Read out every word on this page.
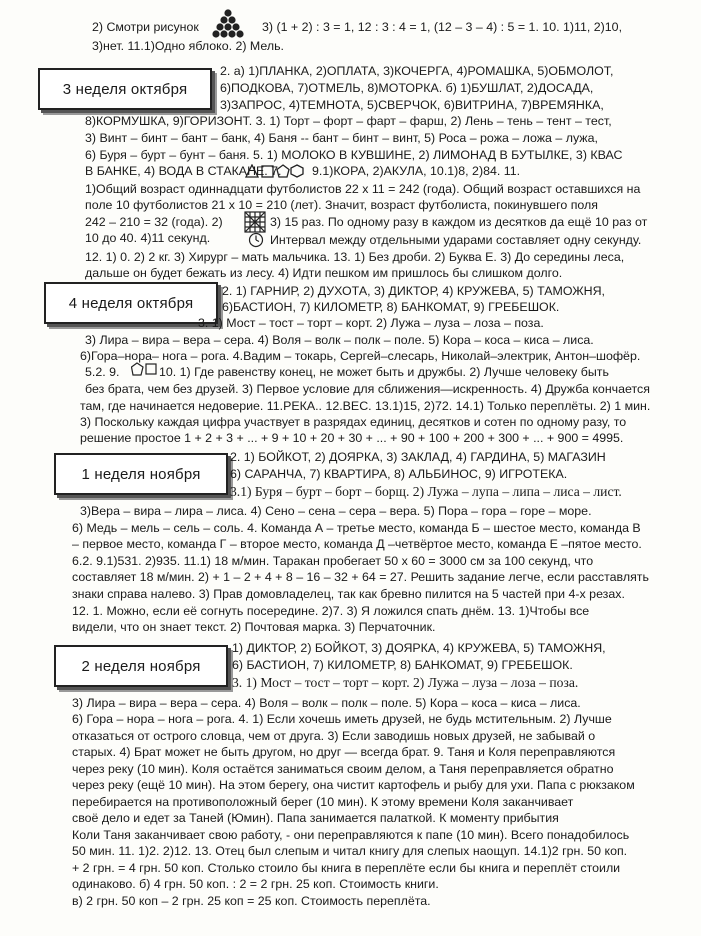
3 неделя октября
4 неделя октября
1 неделя ноября
2 неделя ноября
2) Смотри рисунок	3) (1 + 2) : 3 = 1, 12 : 3 : 4 = 1, (12 – 3 – 4) : 5 = 1. 10. 1)11, 2)10,
3)нет. 11.1)Одно яблоко. 2) Мель.
2. а) 1)ПЛАНКА, 2)ОПЛАТА, 3)КОЧЕРГА, 4)РОМАШКА, 5)ОБМОЛОТ,
6)ПОДКОВА, 7)ОТМЕЛЬ, 8)МОТОРКА. б) 1)БУШЛАТ, 2)ДОСАДА,
3)ЗАПРОС, 4)ТЕМНОТА, 5)СВЕРЧОК, 6)ВИТРИНА, 7)ВРЕМЯНКА,
8)КОРМУШКА, 9)ГОРИЗОНТ. 3. 1) Торт – форт – фарт – фарш, 2) Лень – тень – тент – тест,
3) Винт – бинт – бант – банк, 4) Баня -- бант – бинт – винт, 5) Роса – рожа – ложа – лужа,
6) Буря – бурт – бунт – баня. 5. 1) МОЛОКО В КУВШИНЕ, 2) ЛИМОНАД В БУТЫЛКЕ, 3) КВАС
В БАНКЕ, 4) ВОДА В СТАКАНЕ. 7. 9.1)КОРА, 2)АКУЛА, 10.1)8, 2)84. 11.
1)Общий возраст одиннадцати футболистов 22 х 11 = 242 (года). Общий возраст оставшихся на
поле 10 футболистов 21 х 10 = 210 (лет). Значит, возраст футболиста, покинувшего поля
242 – 210 = 32 (года). 2)	3) 15 раз. По одному разу в каждом из десятков да ещё 10 раз от
10 до 40. 4)11 секунд.	Интервал между отдельными ударами составляет одну секунду.
12. 1) 0. 2) 2 кг. 3) Хирург – мать мальчика. 13. 1) Без дроби. 2) Буква Е. 3) До середины леса,
дальше он будет бежать из лесу. 4) Идти пешком им пришлось бы слишком долго.
2. 1) ГАРНИР, 2) ДУХОТА, 3) ДИКТОР, 4) КРУЖЕВА, 5) ТАМОЖНЯ,
6)БАСТИОН, 7) КИЛОМЕТР, 8) БАНКОМАТ, 9) ГРЕБЕШОК.
3. 1) Мост – тост – торт – корт. 2) Лужа – луза – лоза – поза.
3) Лира – вира – вера – сера. 4) Воля – волк – полк – поле. 5) Кора – коса – киса – лиса.
6)Гора–нора– нога – рога. 4.Вадим – токарь, Сергей–слесарь, Николай–электрик, Антон–шофёр.
5.2. 9.	10. 1) Где равенству конец, не может быть и дружбы. 2) Лучше человеку быть
без брата, чем без друзей. 3) Первое условие для сближения—искренность. 4) Дружба кончается
там, где начинается недоверие. 11.РЕКА.. 12.ВЕС. 13.1)15, 2)72. 14.1) Только переплёты. 2) 1 мин.
3) Поскольку каждая цифра участвует в разрядах единиц, десятков и сотен по одному разу, то
решение простое 1 + 2 + 3 + ... + 9 + 10 + 20 + 30 + ... + 90 + 100 + 200 + 300 + ... + 900 = 4995.
2. 1) БОЙКОТ, 2) ДОЯРКА, 3) ЗАКЛАД, 4) ГАРДИНА, 5) МАГАЗИН
6) САРАНЧА, 7) КВАРТИРА, 8) АЛЬБИНОС, 9) ИГРОТЕКА.
3.1) Буря – бурт – борт – борщ. 2) Лужа – лупа – липа – лиса – лист.
3)Вера – вира – лира – лиса. 4) Сено – сена – сера – вера. 5) Пора – гора – горе – море.
6) Медь – мель – сель – соль. 4. Команда А – третье место, команда Б – шестое место, команда В
– первое место, команда Г – второе место, команда Д –четвёртое место, команда Е –пятое место.
6.2. 9.1)531. 2)935. 11.1) 18 м/мин. Таракан пробегает 50 х 60 = 3000 см за 100 секунд, что
составляет 18 м/мин. 2) + 1 – 2 + 4 + 8 – 16 – 32 + 64 = 27. Решить задание легче, если расставлять
знаки справа налево. 3) Прав домовладелец, так как бревно пилится на 5 частей при 4-х резах.
12. 1. Можно, если её согнуть посередине. 2)7. 3) Я ложился спать днём. 13. 1)Чтобы все
видели, что он знает текст. 2) Почтовая марка. 3) Перчаточник.
1) ДИКТОР, 2) БОЙКОТ, 3) ДОЯРКА, 4) КРУЖЕВА, 5) ТАМОЖНЯ,
6) БАСТИОН, 7) КИЛОМЕТР, 8) БАНКОМАТ, 9) ГРЕБЕШОК.
3. 1) Мост – тост – торт – корт. 2) Лужа – луза – лоза – поза.
3) Лира – вира – вера – сера. 4) Воля – волк – полк – поле. 5) Кора – коса – киса – лиса.
6) Гора – нора – нога – рога. 4. 1) Если хочешь иметь друзей, не будь мстительным. 2) Лучше
отказаться от острого словца, чем от друга. 3) Если заводишь новых друзей, не забывай о
старых. 4) Брат может не быть другом, но друг — всегда брат. 9. Таня и Коля переправляются
через реку (10 мин). Коля остаётся заниматься своим делом, а Таня переправляется обратно
через реку (ещё 10 мин). На этом берегу, она чистит картофель и рыбу для ухи. Папа с рюкзаком
перебирается на противоположный берег (10 мин). К этому времени Коля заканчивает
своё дело и едет за Таней (Юмин). Папа занимается палаткой. К моменту прибытия
Коли Таня заканчивает свою работу, - они переправляются к папе (10 мин). Всего понадобилось
50 мин. 11. 1)2. 2)12. 13. Отец был слепым и читал книгу для слепых наощуп. 14.1)2 грн. 50 коп.
+ 2 грн. = 4 грн. 50 коп. Столько стоило бы книга в переплёте если бы книга и переплёт стоили
одинаково. б) 4 грн. 50 коп. : 2 = 2 грн. 25 коп. Стоимость книги.
в) 2 грн. 50 коп – 2 грн. 25 коп = 25 коп. Стоимость переплёта.
